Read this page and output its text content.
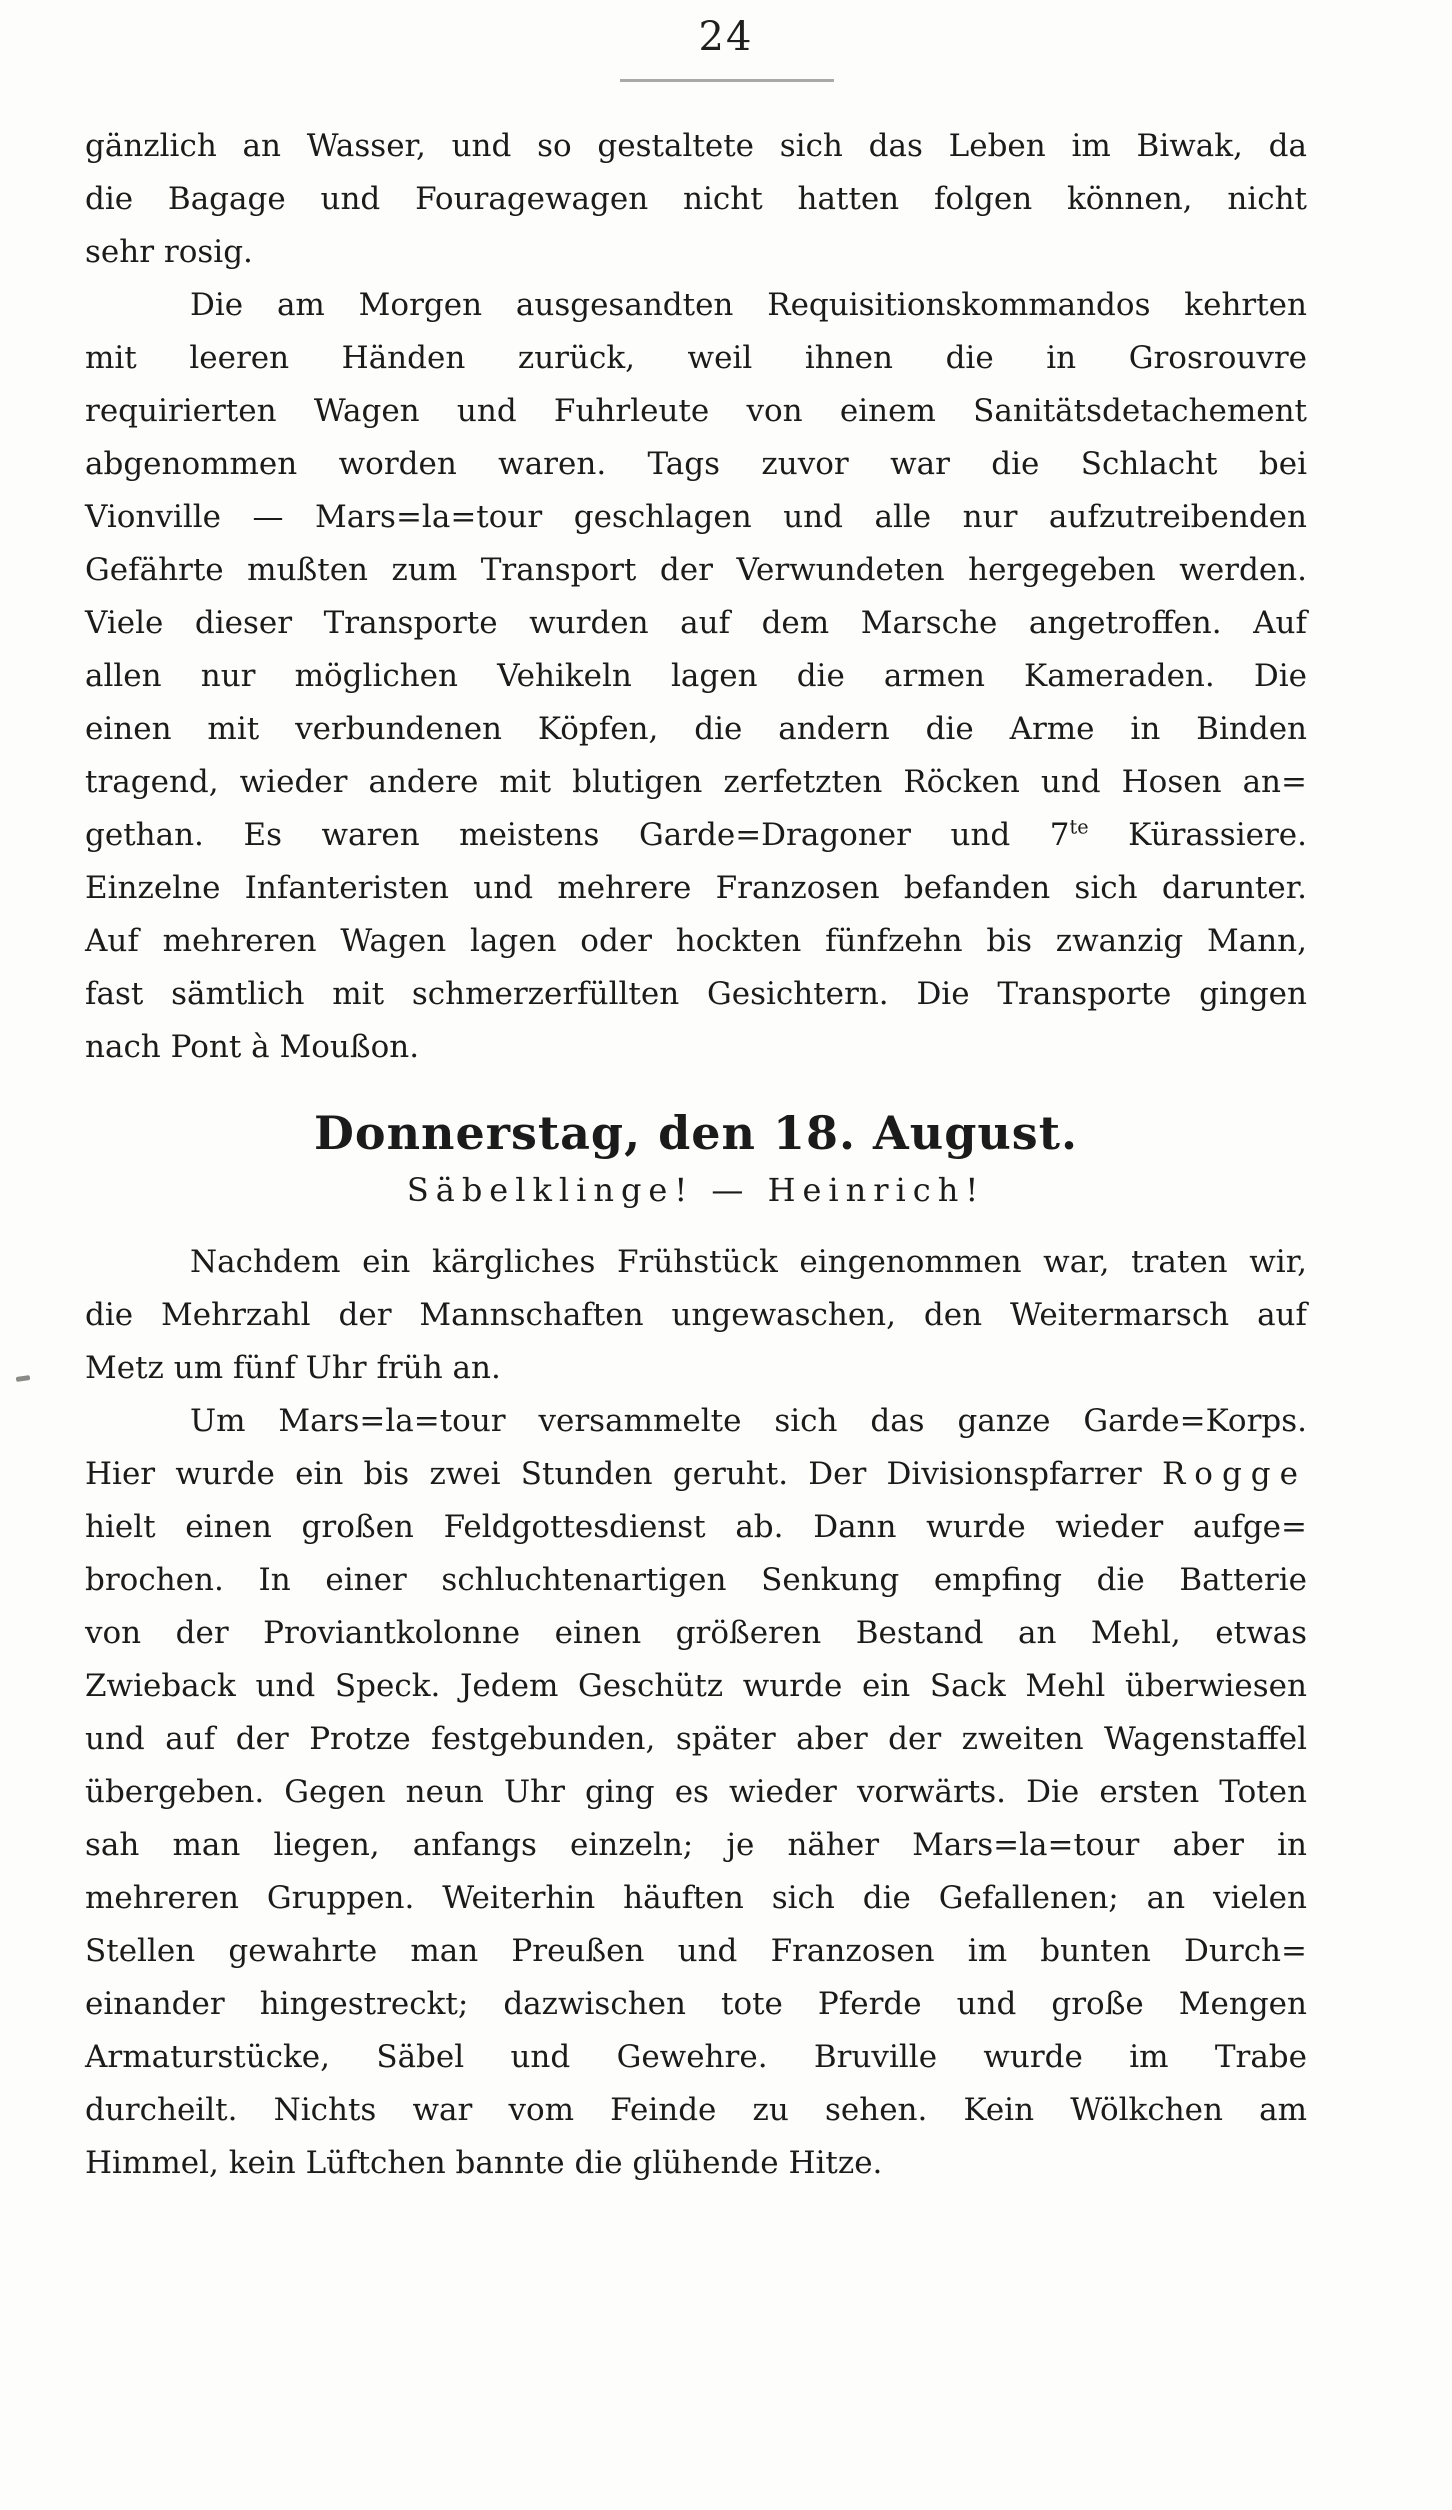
24
gänzlich an Wasser, und so gestaltete sich das Leben im Biwak, da
die Bagage und Fouragewagen nicht hatten folgen können, nicht
sehr rosig.
Die am Morgen ausgesandten Requisitionskommandos kehrten
mit leeren Händen zurück, weil ihnen die in Grosrouvre
requirierten Wagen und Fuhrleute von einem Sanitätsdetachement
abgenommen worden waren. Tags zuvor war die Schlacht bei
Vionville — Mars=la=tour geschlagen und alle nur aufzutreibenden
Gefährte mußten zum Transport der Verwundeten hergegeben werden.
Viele dieser Transporte wurden auf dem Marsche angetroffen. Auf
allen nur möglichen Vehikeln lagen die armen Kameraden. Die
einen mit verbundenen Köpfen, die andern die Arme in Binden
tragend, wieder andere mit blutigen zerfetzten Röcken und Hosen an=
gethan. Es waren meistens Garde=Dragoner und $7^{te}$ Kürassiere.
Einzelne Infanteristen und mehrere Franzosen befanden sich darunter.
Auf mehreren Wagen lagen oder hockten fünfzehn bis zwanzig Mann,
fast sämtlich mit schmerzerfüllten Gesichtern. Die Transporte gingen
nach Pont à Moußon.
Donnerstag, den 18. August.
Säbelklinge! — Heinrich!
Nachdem ein kärgliches Frühstück eingenommen war, traten wir,
die Mehrzahl der Mannschaften ungewaschen, den Weitermarsch auf
Metz um fünf Uhr früh an.
Um Mars=la=tour versammelte sich das ganze Garde=Korps.
Hier wurde ein bis zwei Stunden geruht. Der Divisionspfarrer Rogge
hielt einen großen Feldgottesdienst ab. Dann wurde wieder aufge=
brochen. In einer schluchtenartigen Senkung empfing die Batterie
von der Proviantkolonne einen größeren Bestand an Mehl, etwas
Zwieback und Speck. Jedem Geschütz wurde ein Sack Mehl überwiesen
und auf der Protze festgebunden, später aber der zweiten Wagenstaffel
übergeben. Gegen neun Uhr ging es wieder vorwärts. Die ersten Toten
sah man liegen, anfangs einzeln; je näher Mars=la=tour aber in
mehreren Gruppen. Weiterhin häuften sich die Gefallenen; an vielen
Stellen gewahrte man Preußen und Franzosen im bunten Durch=
einander hingestreckt; dazwischen tote Pferde und große Mengen
Armaturstücke, Säbel und Gewehre. Bruville wurde im Trabe
durcheilt. Nichts war vom Feinde zu sehen. Kein Wölkchen am
Himmel, kein Lüftchen bannte die glühende Hitze.
